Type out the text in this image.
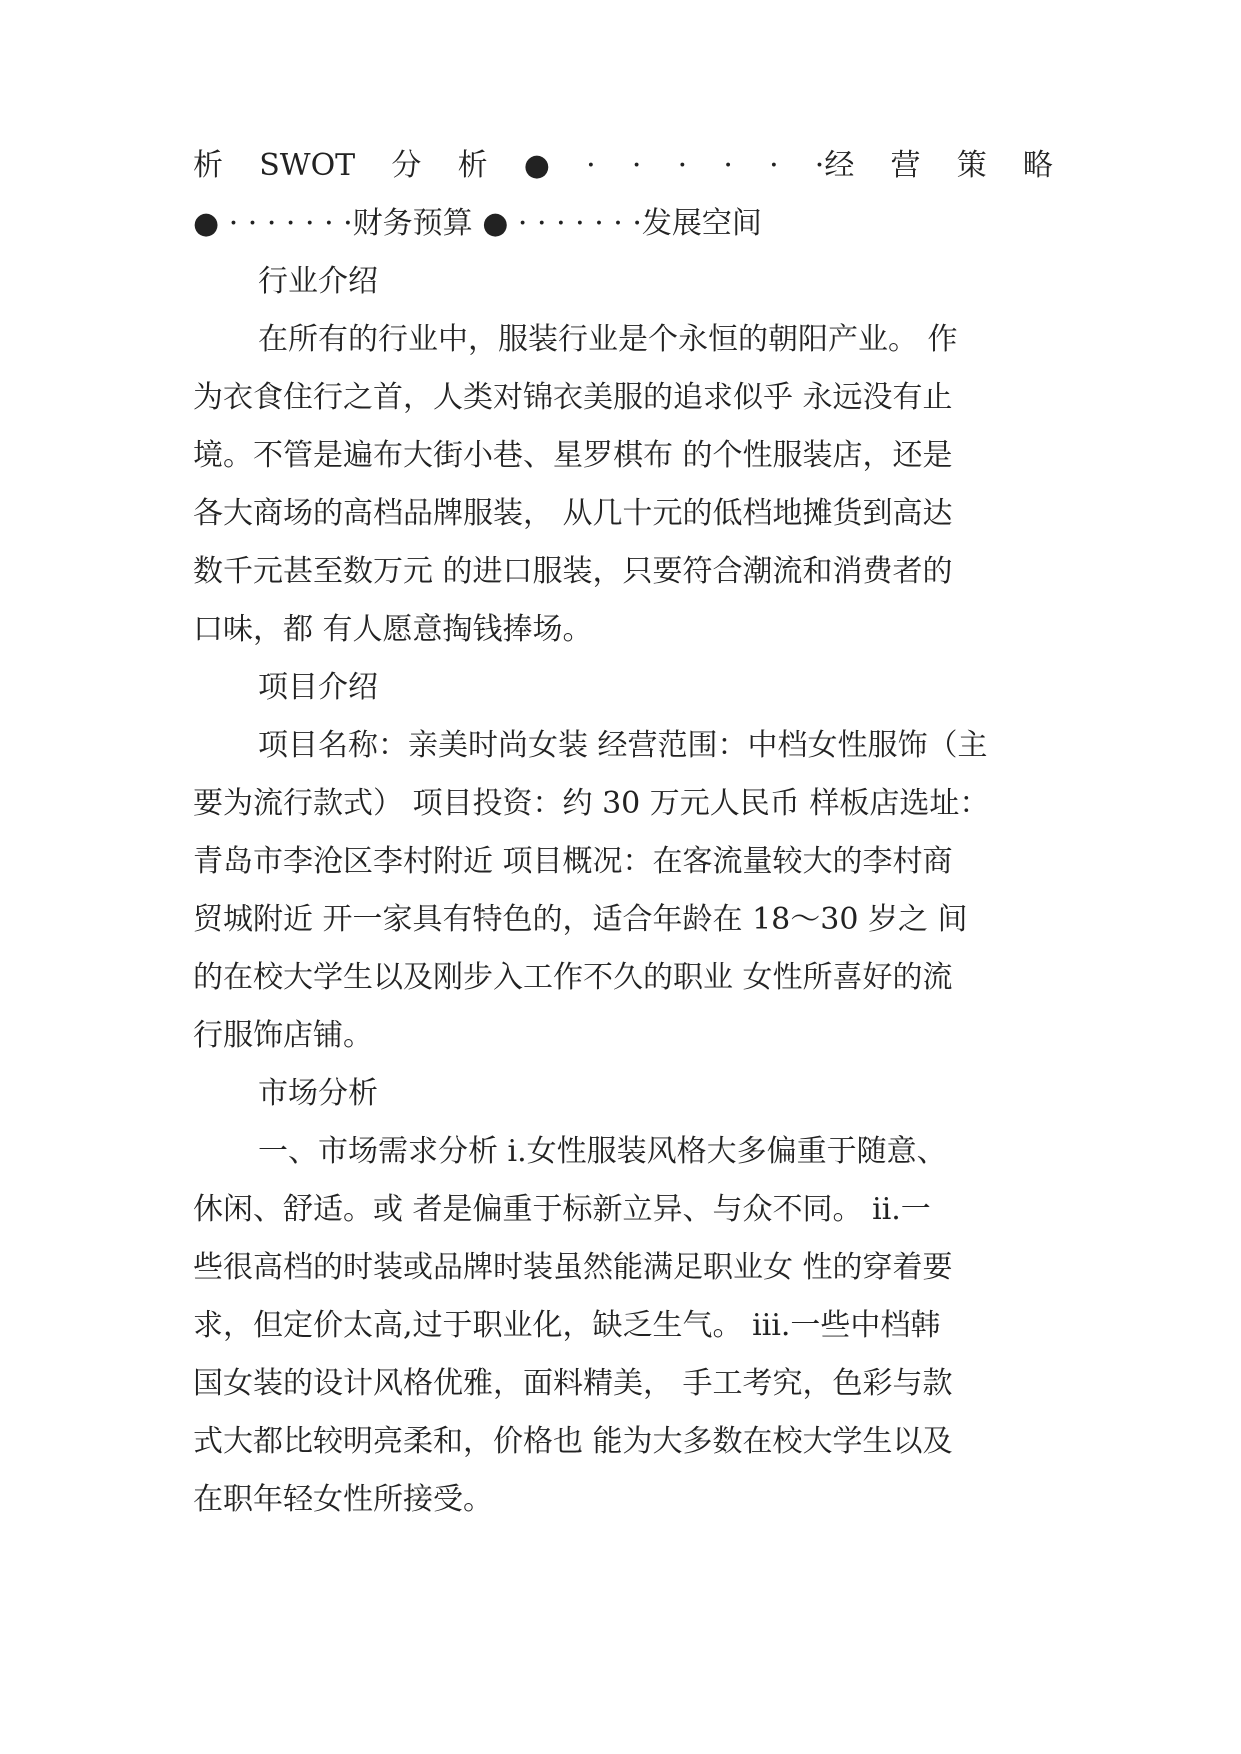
析 SWOT 分 析 ● · · · · · ·经 营 策 略
● · · · · · · ·财务预算 ● · · · · · · ·发展空间
行业介绍
在所有的行业中，服装行业是个永恒的朝阳产业。 作
为衣食住行之首，人类对锦衣美服的追求似乎 永远没有止
境。不管是遍布大街小巷、星罗棋布 的个性服装店，还是
各大商场的高档品牌服装， 从几十元的低档地摊货到高达
数千元甚至数万元 的进口服装，只要符合潮流和消费者的
口味，都 有人愿意掏钱捧场。
项目介绍
项目名称：亲美时尚女装 经营范围：中档女性服饰（主
要为流行款式） 项目投资：约 30 万元人民币 样板店选址：
青岛市李沧区李村附近 项目概况：在客流量较大的李村商
贸城附近 开一家具有特色的，适合年龄在 18～30 岁之 间
的在校大学生以及刚步入工作不久的职业 女性所喜好的流
行服饰店铺。
市场分析
一、市场需求分析 ⅰ.女性服装风格大多偏重于随意、
休闲、舒适。或 者是偏重于标新立异、与众不同。 ⅱ.一
些很高档的时装或品牌时装虽然能满足职业女 性的穿着要
求，但定价太高,过于职业化，缺乏生气。 ⅲ.一些中档韩
国女装的设计风格优雅，面料精美， 手工考究，色彩与款
式大都比较明亮柔和，价格也 能为大多数在校大学生以及
在职年轻女性所接受。
